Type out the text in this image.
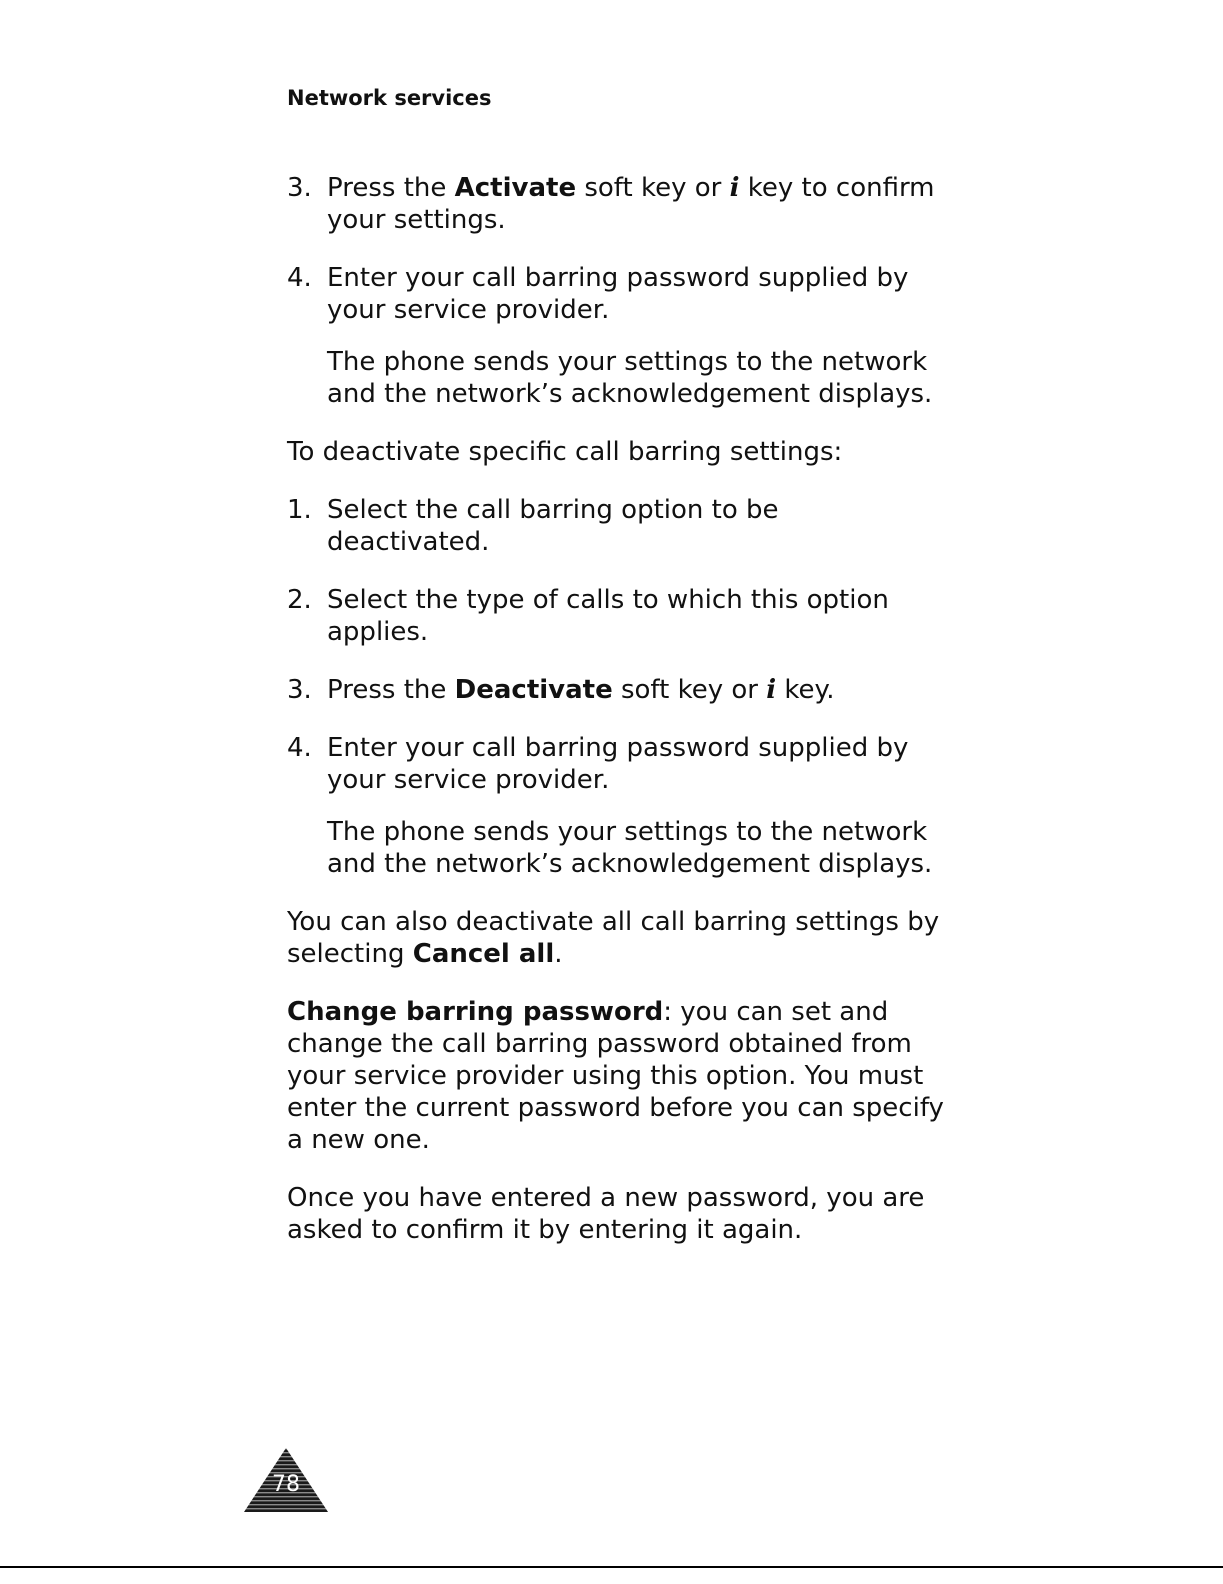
Network services
3. Press the Activate soft key or i key to confirm your settings.
4. Enter your call barring password supplied by your service provider.
The phone sends your settings to the network and the network’s acknowledgement displays.
To deactivate specific call barring settings:
1. Select the call barring option to be deactivated.
2. Select the type of calls to which this option applies.
3. Press the Deactivate soft key or i key.
4. Enter your call barring password supplied by your service provider.
The phone sends your settings to the network and the network’s acknowledgement displays.
You can also deactivate all call barring settings by selecting Cancel all.
Change barring password: you can set and change the call barring password obtained from your service provider using this option. You must enter the current password before you can specify a new one.
Once you have entered a new password, you are asked to confirm it by entering it again.
78
